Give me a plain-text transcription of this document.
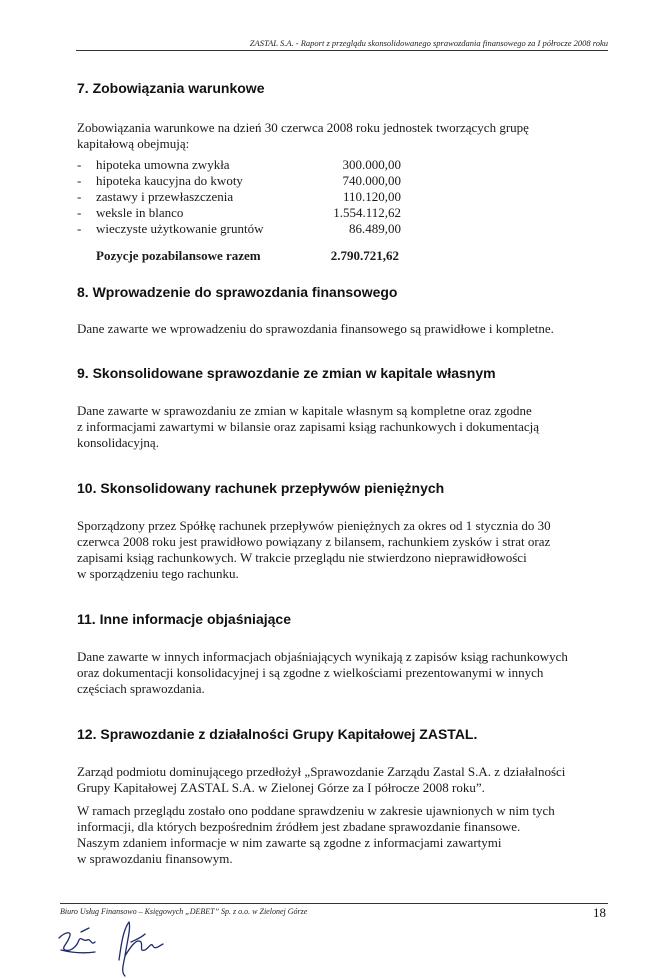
ZASTAL S.A. - Raport z przeglądu skonsolidowanego sprawozdania finansowego za I półrocze 2008 roku
7. Zobowiązania warunkowe
Zobowiązania warunkowe na dzień 30 czerwca 2008 roku jednostek tworzących grupę
kapitałową obejmują:
- hipoteka umowna zwykła	300.000,00
- hipoteka kaucyjna do kwoty	740.000,00
- zastawy i przewłaszczenia	110.120,00
- weksle in blanco	1.554.112,62
- wieczyste użytkowanie gruntów	86.489,00
Pozycje pozabilansowe razem	2.790.721,62
8. Wprowadzenie do sprawozdania finansowego
Dane zawarte we wprowadzeniu do sprawozdania finansowego są prawidłowe i kompletne.
9. Skonsolidowane sprawozdanie ze zmian w kapitale własnym
Dane zawarte w sprawozdaniu ze zmian w kapitale własnym są kompletne oraz zgodne
z informacjami zawartymi w bilansie oraz zapisami ksiąg rachunkowych i dokumentacją
konsolidacyjną.
10. Skonsolidowany rachunek przepływów pieniężnych
Sporządzony przez Spółkę rachunek przepływów pieniężnych za okres od 1 stycznia do 30
czerwca 2008 roku jest prawidłowo powiązany z bilansem, rachunkiem zysków i strat oraz
zapisami ksiąg rachunkowych. W trakcie przeglądu nie stwierdzono nieprawidłowości
w sporządzeniu tego rachunku.
11. Inne informacje objaśniające
Dane zawarte w innych informacjach objaśniających wynikają z zapisów ksiąg rachunkowych
oraz dokumentacji konsolidacyjnej i są zgodne z wielkościami prezentowanymi w innych
częściach sprawozdania.
12. Sprawozdanie z działalności Grupy Kapitałowej ZASTAL.
Zarząd podmiotu dominującego przedłożył „Sprawozdanie Zarządu Zastal S.A. z działalności
Grupy Kapitałowej ZASTAL S.A. w Zielonej Górze za I półrocze 2008 roku”.
W ramach przeglądu zostało ono poddane sprawdzeniu w zakresie ujawnionych w nim tych
informacji, dla których bezpośrednim źródłem jest zbadane sprawozdanie finansowe.
Naszym zdaniem informacje w nim zawarte są zgodne z informacjami zawartymi
w sprawozdaniu finansowym.
Biuro Usług Finansowo – Księgowych „DEBET” Sp. z o.o. w Zielonej Górze	18
